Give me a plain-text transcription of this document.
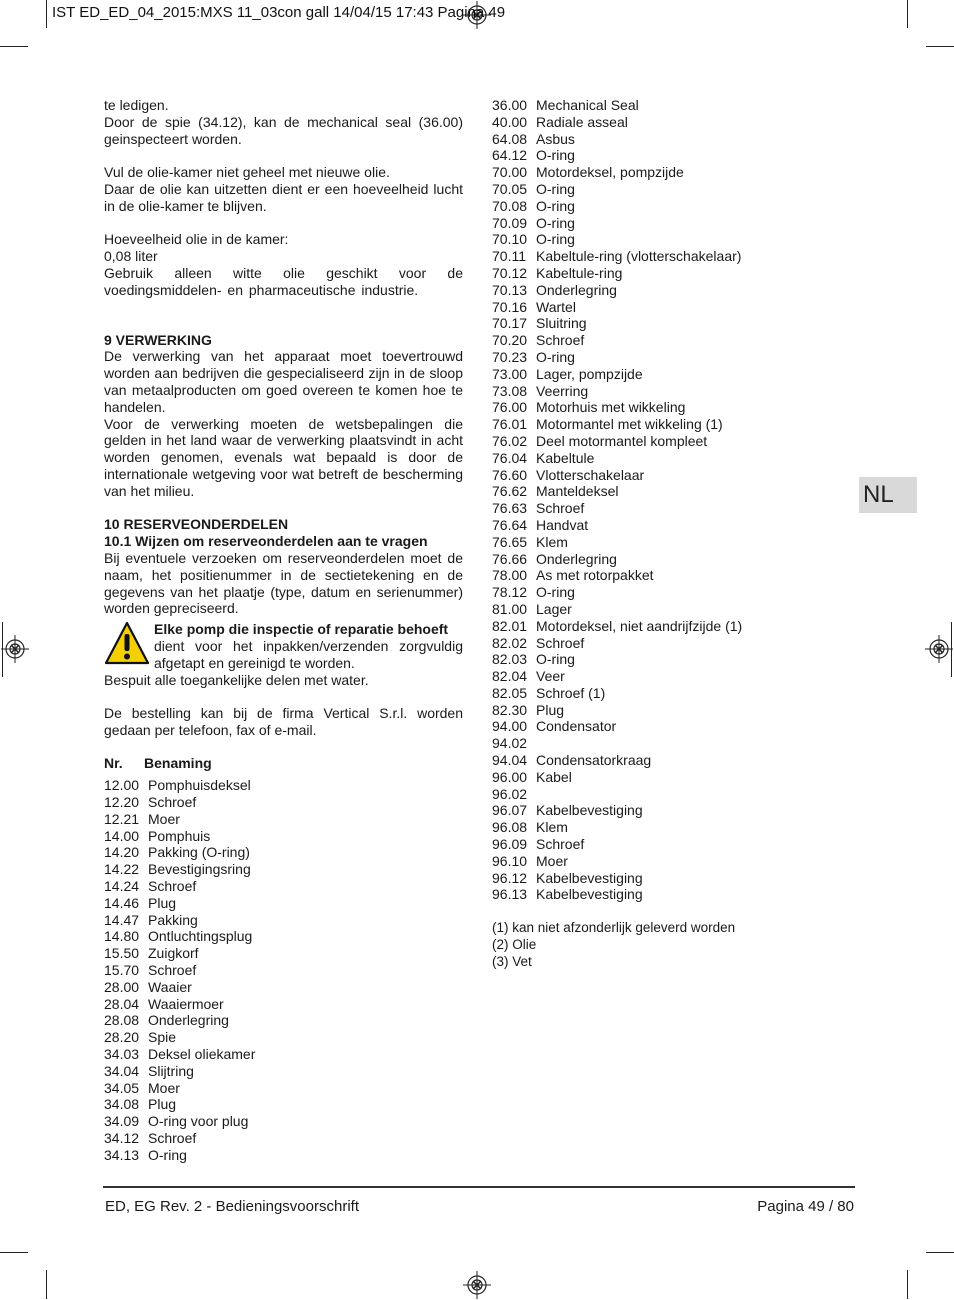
IST ED_ED_04_2015:MXS 11_03con gall 14/04/15 17:43 Pagina 49

te ledigen.

Door de spie (34.12), kan de mechanical seal (36.00) geinspecteert worden.

Vul de olie-kamer niet geheel met nieuwe olie.

Daar de olie kan uitzetten dient er een hoeveelheid lucht in de olie-kamer te blijven.

Hoeveelheid olie in de kamer:

0,08 liter

Gebruik alleen witte olie geschikt voor de voedingsmiddelen- en pharmaceutische industrie.

9 VERWERKING

De verwerking van het apparaat moet toevertrouwd worden aan bedrijven die gespecialiseerd zijn in de sloop van metaalproducten om goed overeen te komen hoe te handelen.

Voor de verwerking moeten de wetsbepalingen die gelden in het land waar de verwerking plaatsvindt in acht worden genomen, evenals wat bepaald is door de internationale wetgeving voor wat betreft de bescherming van het milieu.

10 RESERVEONDERDELEN

10.1 Wijzen om reserveonderdelen aan te vragen

Bij eventuele verzoeken om reserveonderdelen moet de naam, het positienummer in de sectietekening en de gegevens van het plaatje (type, datum en serienummer) worden gepreciseerd.

Elke pomp die inspectie of reparatie behoeft

dient voor het inpakken/verzenden zorgvuldig afgetapt en gereinigd te worden.

Bespuit alle toegankelijke delen met water.

De bestelling kan bij de firma Vertical S.r.l. worden gedaan per telefoon, fax of e-mail.

Nr.	Benaming
12.00 Pomphuisdeksel
12.20 Schroef
12.21 Moer
14.00 Pomphuis
14.20 Pakking (O-ring)
14.22 Bevestigingsring
14.24 Schroef
14.46 Plug
14.47 Pakking
14.80 Ontluchtingsplug
15.50 Zuigkorf
15.70 Schroef
28.00 Waaier
28.04 Waaiermoer
28.08 Onderlegring
28.20 Spie
34.03 Deksel oliekamer
34.04 Slijtring
34.05 Moer
34.08 Plug
34.09 O-ring voor plug
34.12 Schroef
34.13 O-ring
36.00 Mechanical Seal
40.00 Radiale asseal
64.08 Asbus
64.12 O-ring
70.00 Motordeksel, pompzijde
70.05 O-ring
70.08 O-ring
70.09 O-ring
70.10 O-ring
70.11 Kabeltule-ring (vlotterschakelaar)
70.12 Kabeltule-ring
70.13 Onderlegring
70.16 Wartel
70.17 Sluitring
70.20 Schroef
70.23 O-ring
73.00 Lager, pompzijde
73.08 Veerring
76.00 Motorhuis met wikkeling
76.01 Motormantel met wikkeling (1)
76.02 Deel motormantel kompleet
76.04 Kabeltule
76.60 Vlotterschakelaar
76.62 Manteldeksel
76.63 Schroef
76.64 Handvat
76.65 Klem
76.66 Onderlegring
78.00 As met rotorpakket
78.12 O-ring
81.00 Lager
82.01 Motordeksel, niet aandrijfzijde (1)
82.02 Schroef
82.03 O-ring
82.04 Veer
82.05 Schroef (1)
82.30 Plug
94.00 Condensator
94.02
94.04 Condensatorkraag
96.00 Kabel
96.02
96.07 Kabelbevestiging
96.08 Klem
96.09 Schroef
96.10 Moer
96.12 Kabelbevestiging
96.13 Kabelbevestiging

(1) kan niet afzonderlijk geleverd worden

(2) Olie

(3) Vet

NL
ED, EG Rev. 2 - Bedieningsvoorschrift	Pagina 49 / 80
